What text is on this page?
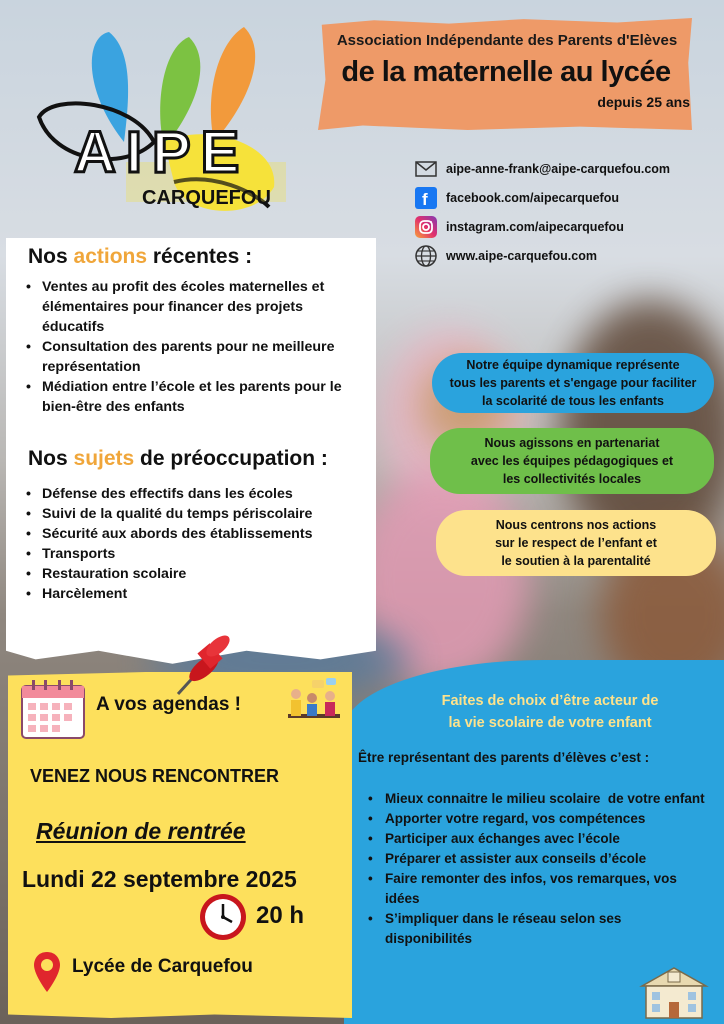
AIPE
CARQUEFOU
Association Indépendante des Parents d'Elèves
de la maternelle au lycée
depuis 25 ans
aipe-anne-frank@aipe-carquefou.com
f facebook.com/aipecarquefou
instagram.com/aipecarquefou
www.aipe-carquefou.com
Nos actions récentes :
• Ventes au profit des écoles maternelles et élémentaires pour financer des projets éducatifs
• Consultation des parents pour ne meilleure représentation
• Médiation entre l’école et les parents pour le bien-être des enfants
Nos sujets de préoccupation :
• Défense des effectifs dans les écoles
• Suivi de la qualité du temps périscolaire
• Sécurité aux abords des établissements
• Transports
• Restauration scolaire
• Harcèlement
Notre équipe dynamique représente
tous les parents et s'engage pour faciliter
la scolarité de tous les enfants
Nous agissons en partenariat
avec les équipes pédagogiques et
les collectivités locales
Nous centrons nos actions
sur le respect de l’enfant et
le soutien à la parentalité
Faites de choix d’être acteur de
la vie scolaire de votre enfant
Être représentant des parents d’élèves c’est :
• Mieux connaitre le milieu scolaire  de votre enfant
• Apporter votre regard, vos compétences
• Participer aux échanges avec l’école
• Préparer et assister aux conseils d’école
• Faire remonter des infos, vos remarques, vos idées
• S’impliquer dans le réseau selon ses disponibilités
A vos agendas !
VENEZ NOUS RENCONTRER
Réunion de rentrée
Lundi 22 septembre 2025
20 h
Lycée de Carquefou
